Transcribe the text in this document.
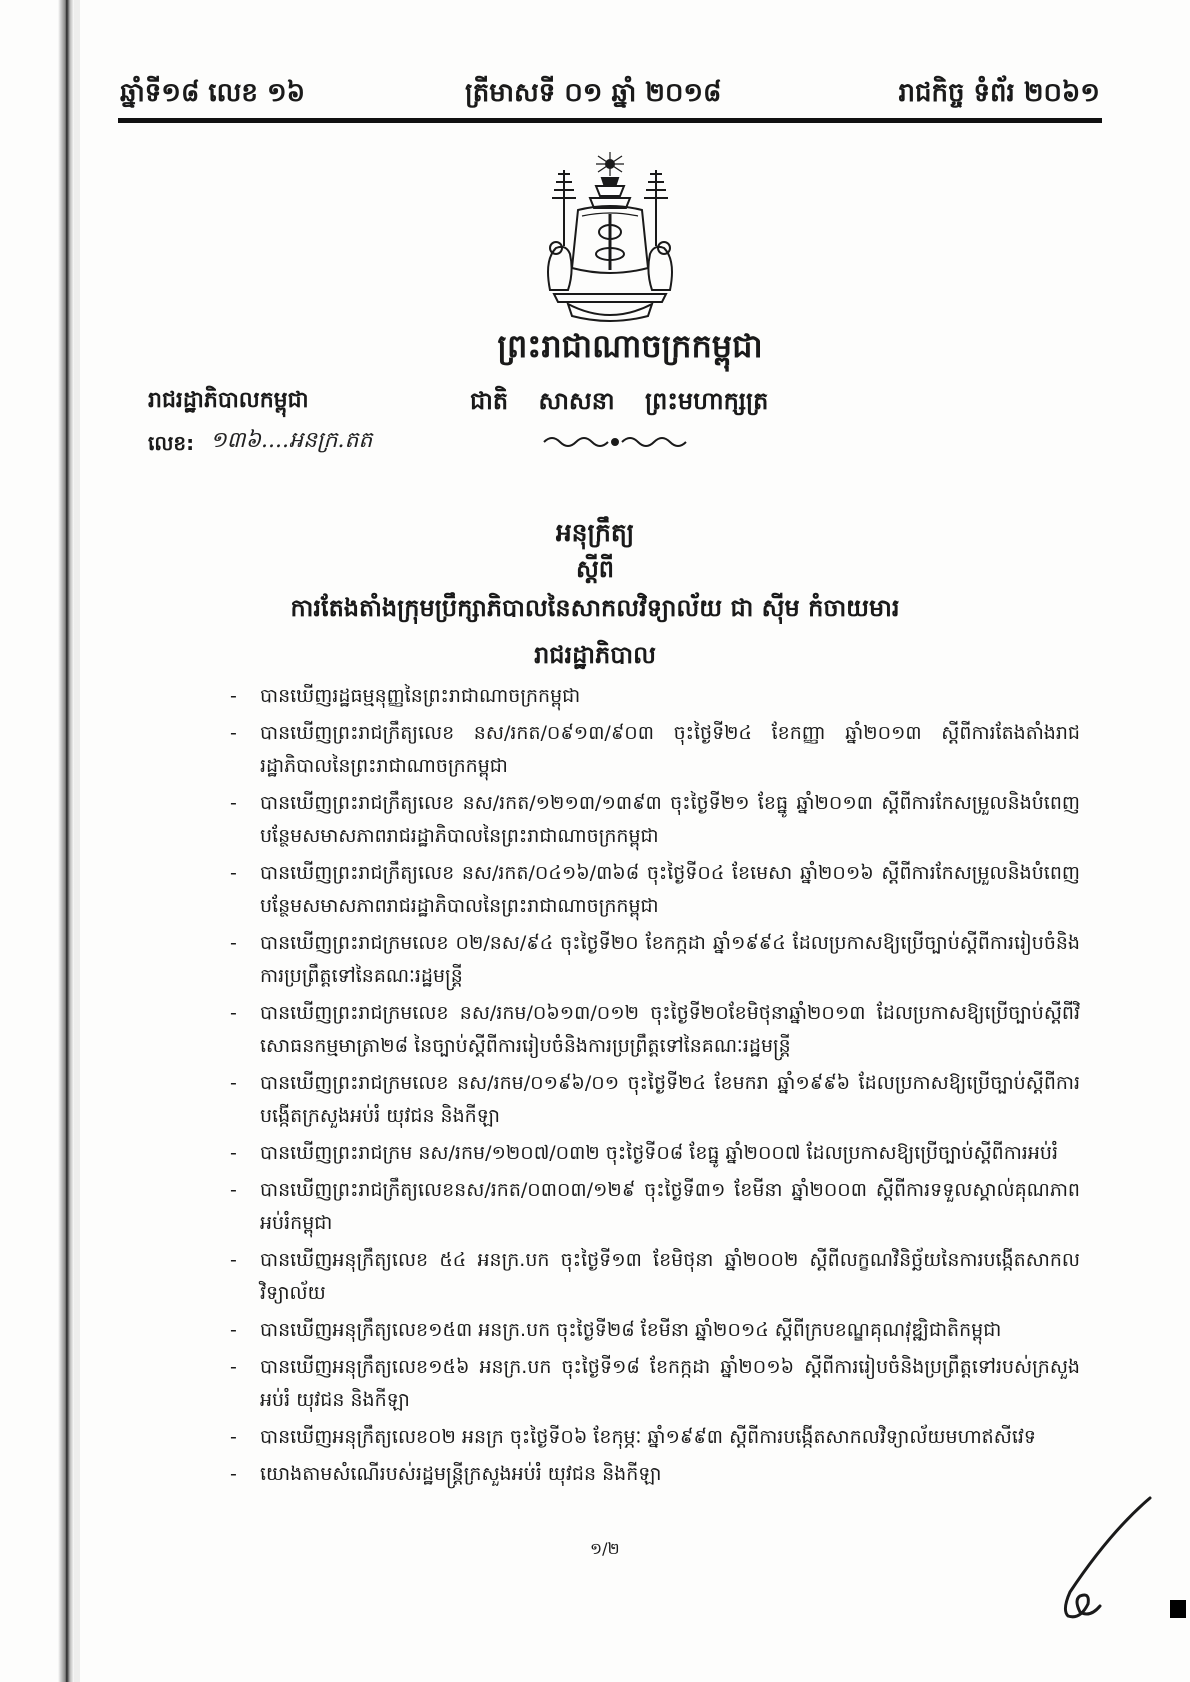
ឆ្នាំទី១៨ លេខ ១៦	ត្រីមាសទី ០១ ឆ្នាំ ២០១៨	រាជកិច្ច ទំព័រ ២០៦១
ព្រះរាជាណាចក្រកម្ពុជា
រាជរដ្ឋាភិបាលកម្ពុជា	ជាតិ សាសនា ព្រះមហាក្សត្រ
លេខ: ១៣៦....អនក្រ.តត
អនុក្រឹត្យ
ស្តីពី
ការតែងតាំងក្រុមប្រឹក្សាភិបាលនៃសាកលវិទ្យាល័យ ជា ស៊ីម កំចាយមារ
រាជរដ្ឋាភិបាល
- បានឃើញរដ្ឋធម្មនុញ្ញនៃព្រះរាជាណាចក្រកម្ពុជា
- បានឃើញព្រះរាជក្រឹត្យលេខ នស/រកត/០៩១៣/៩០៣ ចុះថ្ងៃទី២៤ ខែកញ្ញា ឆ្នាំ២០១៣ ស្តីពីការតែងតាំងរាជរដ្ឋាភិបាលនៃព្រះរាជាណាចក្រកម្ពុជា
- បានឃើញព្រះរាជក្រឹត្យលេខ នស/រកត/១២១៣/១៣៩៣ ចុះថ្ងៃទី២១ ខែធ្នូ ឆ្នាំ២០១៣ ស្តីពីការកែសម្រួលនិងបំពេញបន្ថែមសមាសភាពរាជរដ្ឋាភិបាលនៃព្រះរាជាណាចក្រកម្ពុជា
- បានឃើញព្រះរាជក្រឹត្យលេខ នស/រកត/០៤១៦/៣៦៨ ចុះថ្ងៃទី០៤ ខែមេសា ឆ្នាំ២០១៦ ស្តីពីការកែសម្រួលនិងបំពេញបន្ថែមសមាសភាពរាជរដ្ឋាភិបាលនៃព្រះរាជាណាចក្រកម្ពុជា
- បានឃើញព្រះរាជក្រមលេខ ០២/នស/៩៤ ចុះថ្ងៃទី២០ ខែកក្កដា ឆ្នាំ១៩៩៤ ដែលប្រកាសឱ្យប្រើច្បាប់ស្តីពីការរៀបចំនិងការប្រព្រឹត្តទៅនៃគណៈរដ្ឋមន្ត្រី
- បានឃើញព្រះរាជក្រមលេខ នស/រកម/០៦១៣/០១២ ចុះថ្ងៃទី២០ខែមិថុនាឆ្នាំ២០១៣ ដែលប្រកាសឱ្យប្រើច្បាប់ស្តីពីវិសោធនកម្មមាត្រា២៨ នៃច្បាប់ស្តីពីការរៀបចំនិងការប្រព្រឹត្តទៅនៃគណៈរដ្ឋមន្ត្រី
- បានឃើញព្រះរាជក្រមលេខ នស/រកម/០១៩៦/០១ ចុះថ្ងៃទី២៤ ខែមករា ឆ្នាំ១៩៩៦ ដែលប្រកាសឱ្យប្រើច្បាប់ស្តីពីការបង្កើតក្រសួងអប់រំ យុវជន និងកីឡា
- បានឃើញព្រះរាជក្រម នស/រកម/១២០៧/០៣២ ចុះថ្ងៃទី០៨ ខែធ្នូ ឆ្នាំ២០០៧ ដែលប្រកាសឱ្យប្រើច្បាប់ស្តីពីការអប់រំ
- បានឃើញព្រះរាជក្រឹត្យលេខនស/រកត/០៣០៣/១២៩ ចុះថ្ងៃទី៣១ ខែមីនា ឆ្នាំ២០០៣ ស្តីពីការទទួលស្គាល់គុណភាពអប់រំកម្ពុជា
- បានឃើញអនុក្រឹត្យលេខ ៥៤ អនក្រ.បក ចុះថ្ងៃទី១៣ ខែមិថុនា ឆ្នាំ២០០២ ស្តីពីលក្ខណវិនិច្ឆ័យនៃការបង្កើតសាកលវិទ្យាល័យ
- បានឃើញអនុក្រឹត្យលេខ១៥៣ អនក្រ.បក ចុះថ្ងៃទី២៨ ខែមីនា ឆ្នាំ២០១៤ ស្តីពីក្របខណ្ឌគុណវុឌ្ឍិជាតិកម្ពុជា
- បានឃើញអនុក្រឹត្យលេខ១៥៦ អនក្រ.បក ចុះថ្ងៃទី១៨ ខែកក្កដា ឆ្នាំ២០១៦ ស្តីពីការរៀបចំនិងប្រព្រឹត្តទៅរបស់ក្រសួងអប់រំ យុវជន និងកីឡា
- បានឃើញអនុក្រឹត្យលេខ០២ អនក្រ ចុះថ្ងៃទី០៦ ខែកុម្ភៈ ឆ្នាំ១៩៩៣ ស្តីពីការបង្កើតសាកលវិទ្យាល័យមហាឥសីវេទ
- យោងតាមសំណើរបស់រដ្ឋមន្ត្រីក្រសួងអប់រំ យុវជន និងកីឡា
១/២
